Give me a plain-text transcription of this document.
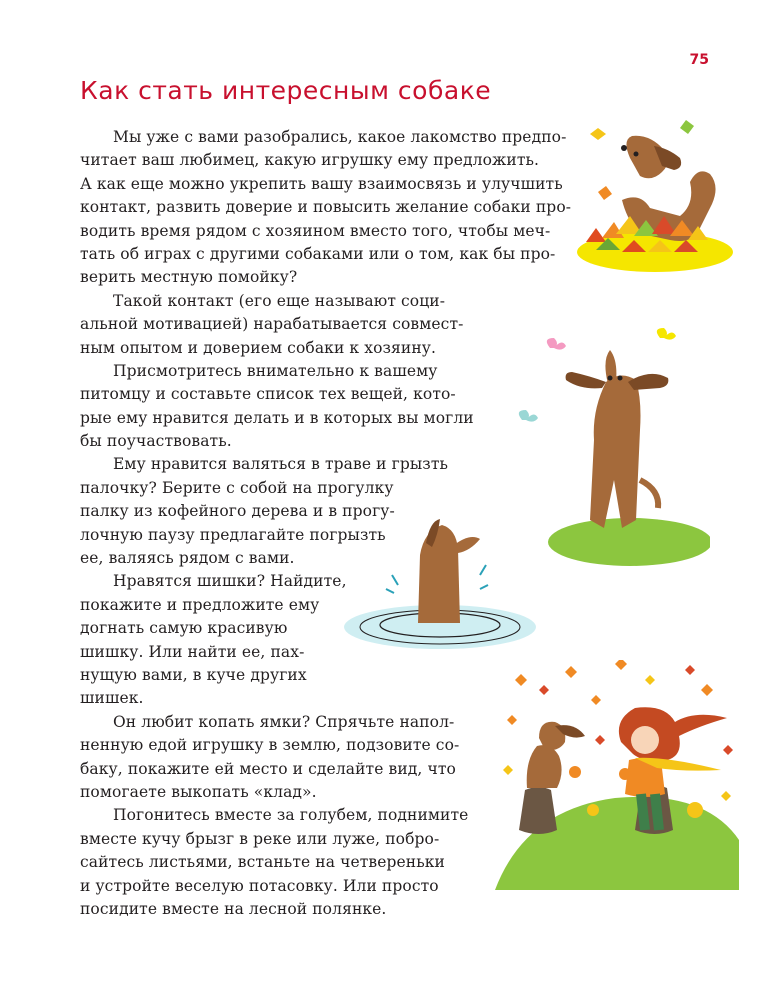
75
Как стать интересным собаке
Мы уже с вами разобрались, какое лакомство предпо-
читает ваш любимец, какую игрушку ему предложить.
А как еще можно укрепить вашу взаимосвязь и улучшить
контакт, развить доверие и повысить желание собаки про-
водить время рядом с хозяином вместо того, чтобы меч-
тать об играх с другими собаками или о том, как бы про-
верить местную помойку?
Такой контакт (его еще называют соци-
альной мотивацией) нарабатывается совмест-
ным опытом и доверием собаки к хозяину.
Присмотритесь внимательно к вашему
питомцу и составьте список тех вещей, кото-
рые ему нравится делать и в которых вы могли
бы поучаствовать.
Ему нравится валяться в траве и грызть
палочку? Берите с собой на прогулку
палку из кофейного дерева и в прогу-
лочную паузу предлагайте погрызть
ее, валяясь рядом с вами.
Нравятся шишки? Найдите,
покажите и предложите ему
догнать самую красивую
шишку. Или найти ее, пах-
нущую вами, в куче других
шишек.
Он любит копать ямки? Спрячьте напол-
ненную едой игрушку в землю, подзовите со-
баку, покажите ей место и сделайте вид, что
помогаете выкопать «клад».
Погонитесь вместе за голубем, поднимите
вместе кучу брызг в реке или луже, побро-
сайтесь листьями, встаньте на четвереньки
и устройте веселую потасовку. Или просто
посидите вместе на лесной полянке.
